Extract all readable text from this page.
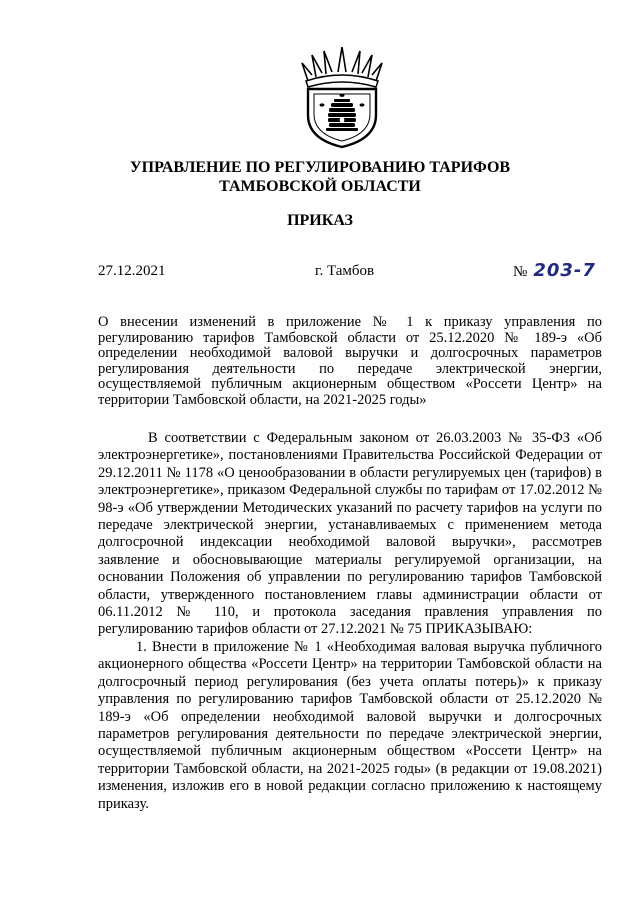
УПРАВЛЕНИЕ ПО РЕГУЛИРОВАНИЮ ТАРИФОВ
ТАМБОВСКОЙ ОБЛАСТИ
ПРИКАЗ
27.12.2021	г. Тамбов	№ 203-7
О внесении изменений в приложение № 1 к приказу управления по регулированию тарифов Тамбовской области от 25.12.2020 № 189-э «Об определении необходимой валовой выручки и долгосрочных параметров регулирования деятельности по передаче электрической энергии, осуществляемой публичным акционерным обществом «Россети Центр» на территории Тамбовской области, на 2021-2025 годы»

В соответствии с Федеральным законом от 26.03.2003 № 35-ФЗ «Об электроэнергетике», постановлениями Правительства Российской Федерации от 29.12.2011 № 1178 «О ценообразовании в области регулируемых цен (тарифов) в электроэнергетике», приказом Федеральной службы по тарифам от 17.02.2012 № 98-э «Об утверждении Методических указаний по расчету тарифов на услуги по передаче электрической энергии, устанавливаемых с применением метода долгосрочной индексации необходимой валовой выручки», рассмотрев заявление и обосновывающие материалы регулируемой организации, на основании Положения об управлении по регулированию тарифов Тамбовской области, утвержденного постановлением главы администрации области от 06.11.2012 № 110, и протокола заседания правления управления по регулированию тарифов области от 27.12.2021 № 75 ПРИКАЗЫВАЮ:

1. Внести в приложение № 1 «Необходимая валовая выручка публичного акционерного общества «Россети Центр» на территории Тамбовской области на долгосрочный период регулирования (без учета оплаты потерь)» к приказу управления по регулированию тарифов Тамбовской области от 25.12.2020 № 189-э «Об определении необходимой валовой выручки и долгосрочных параметров регулирования деятельности по передаче электрической энергии, осуществляемой публичным акционерным обществом «Россети Центр» на территории Тамбовской области, на 2021-2025 годы» (в редакции от 19.08.2021) изменения, изложив его в новой редакции согласно приложению к настоящему приказу.
